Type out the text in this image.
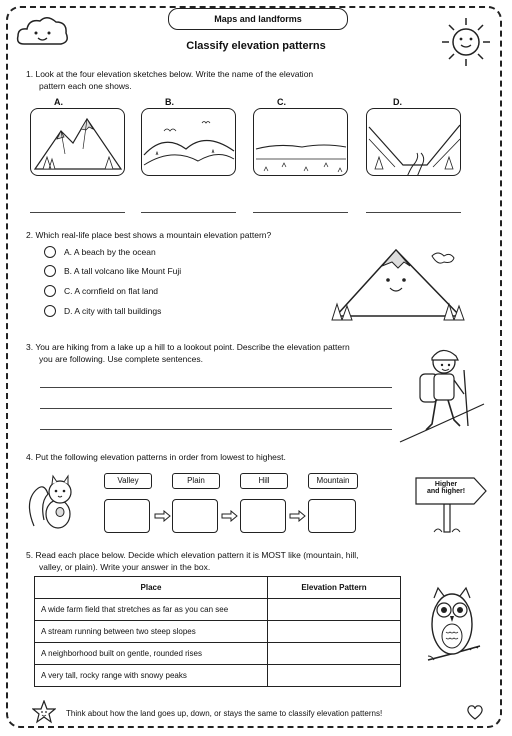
Maps and landforms
Classify elevation patterns
1. Look at the four elevation sketches below. Write the name of the elevation
pattern each one shows.
A.	B.	C.	D.
2. Which real-life place best shows a mountain elevation pattern?
A. A beach by the ocean
B. A tall volcano like Mount Fuji
C. A cornfield on flat land
D. A city with tall buildings
3. You are hiking from a lake up a hill to a lookout point. Describe the elevation pattern
you are following. Use complete sentences.
4. Put the following elevation patterns in order from lowest to highest.
Valley	Plain	Hill	Mountain	Higher
and higher!
5. Read each place below. Decide which elevation pattern it is MOST like (mountain, hill,
valley, or plain). Write your answer in the box.
Place	Elevation Pattern
A wide farm field that stretches as far as you can see	
A stream running between two steep slopes	
A neighborhood built on gentle, rounded rises	
A very tall, rocky range with snowy peaks	
Think about how the land goes up, down, or stays the same to classify elevation patterns!
